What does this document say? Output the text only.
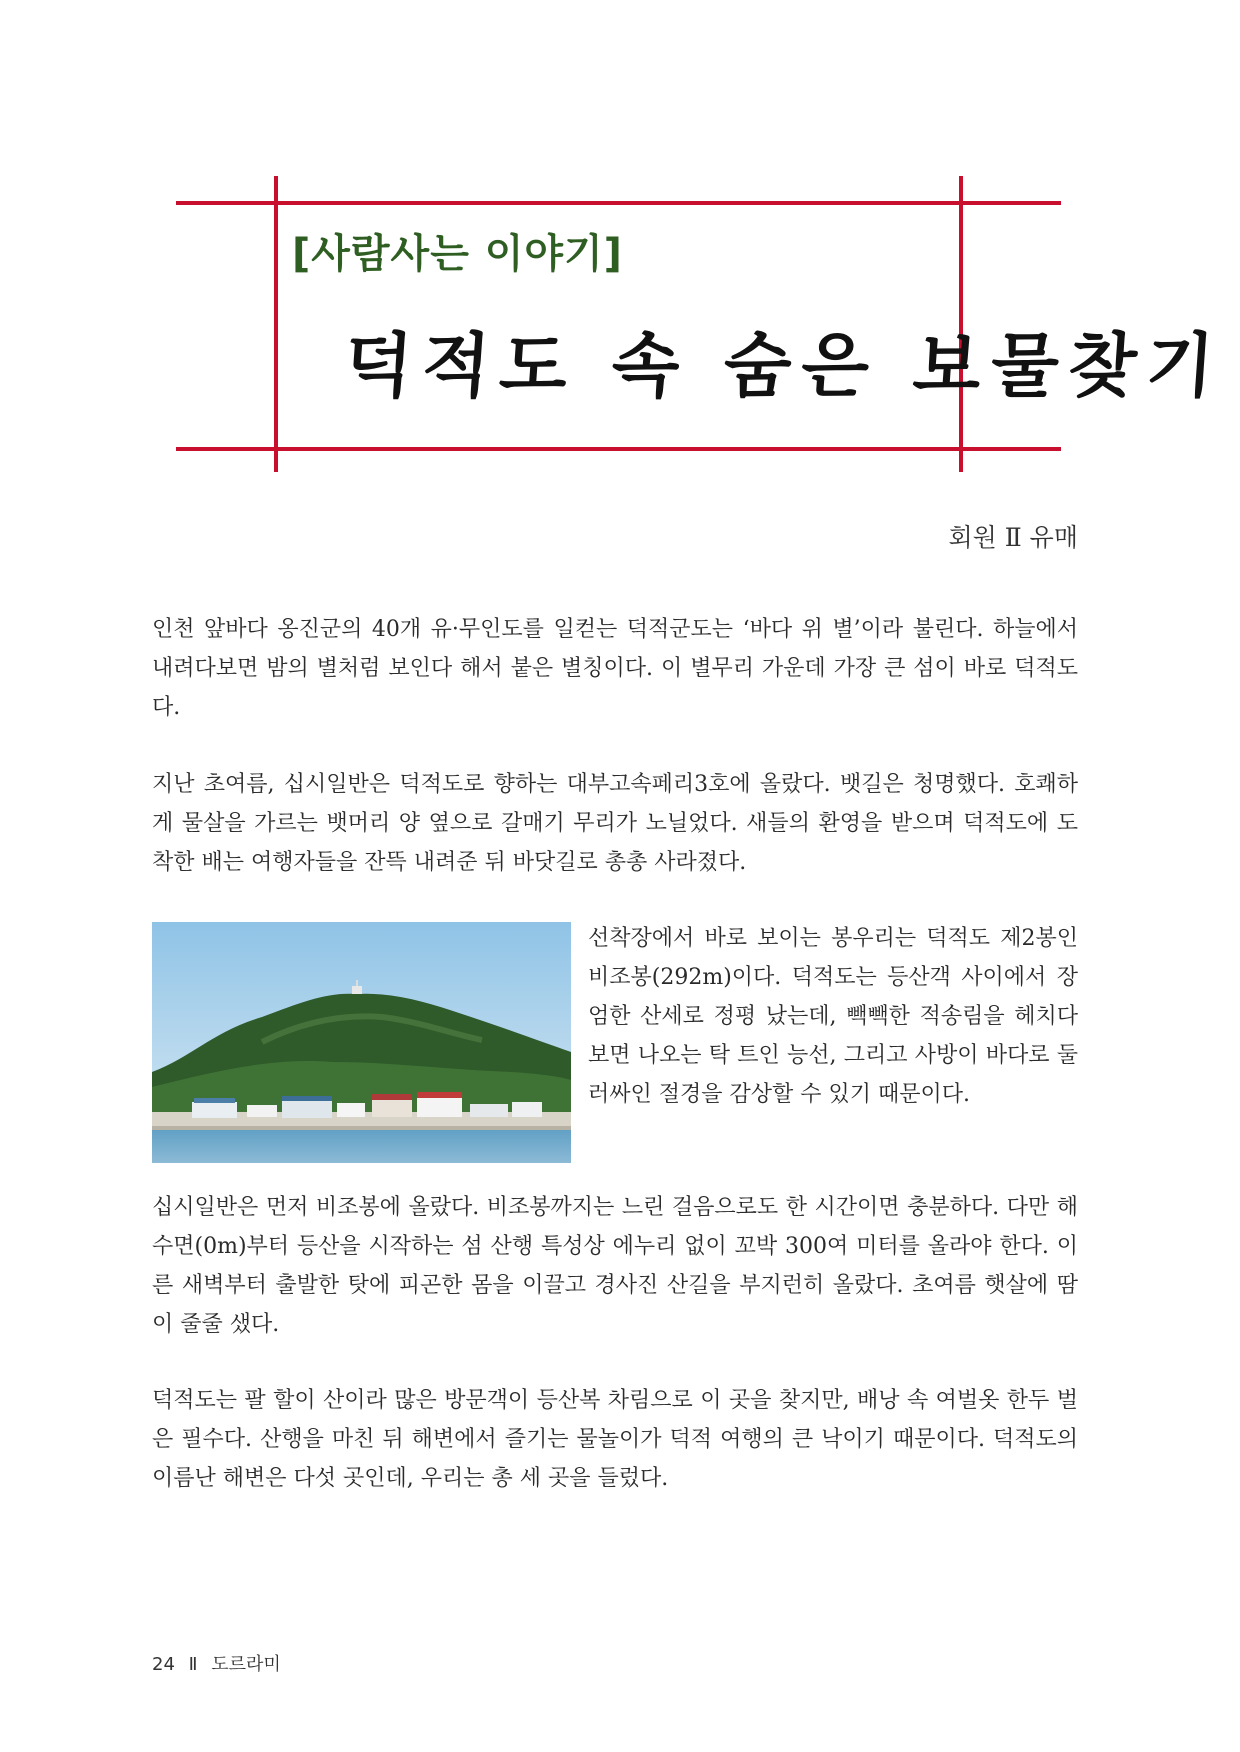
[사람사는 이야기]
덕적도 속 숨은 보물찾기
회원 Ⅱ 유매

인천 앞바다 옹진군의 40개 유·무인도를 일컫는 덕적군도는 ‘바다 위 별’이라 불린다. 하늘에서 내려다보면 밤의 별처럼 보인다 해서 붙은 별칭이다. 이 별무리 가운데 가장 큰 섬이 바로 덕적도다.

지난 초여름, 십시일반은 덕적도로 향하는 대부고속페리3호에 올랐다. 뱃길은 청명했다. 호쾌하게 물살을 가르는 뱃머리 양 옆으로 갈매기 무리가 노닐었다. 새들의 환영을 받으며 덕적도에 도착한 배는 여행자들을 잔뜩 내려준 뒤 바닷길로 총총 사라졌다.

선착장에서 바로 보이는 봉우리는 덕적도 제2봉인 비조봉(292m)이다. 덕적도는 등산객 사이에서 장엄한 산세로 정평 났는데, 빽빽한 적송림을 헤치다 보면 나오는 탁 트인 능선, 그리고 사방이 바다로 둘러싸인 절경을 감상할 수 있기 때문이다.

십시일반은 먼저 비조봉에 올랐다. 비조봉까지는 느린 걸음으로도 한 시간이면 충분하다. 다만 해수면(0m)부터 등산을 시작하는 섬 산행 특성상 에누리 없이 꼬박 300여 미터를 올라야 한다. 이른 새벽부터 출발한 탓에 피곤한 몸을 이끌고 경사진 산길을 부지런히 올랐다. 초여름 햇살에 땀이 줄줄 샜다.

덕적도는 팔 할이 산이라 많은 방문객이 등산복 차림으로 이 곳을 찾지만, 배낭 속 여벌옷 한두 벌은 필수다. 산행을 마친 뒤 해변에서 즐기는 물놀이가 덕적 여행의 큰 낙이기 때문이다. 덕적도의 이름난 해변은 다섯 곳인데, 우리는 총 세 곳을 들렀다.

24 Ⅱ 도르라미
